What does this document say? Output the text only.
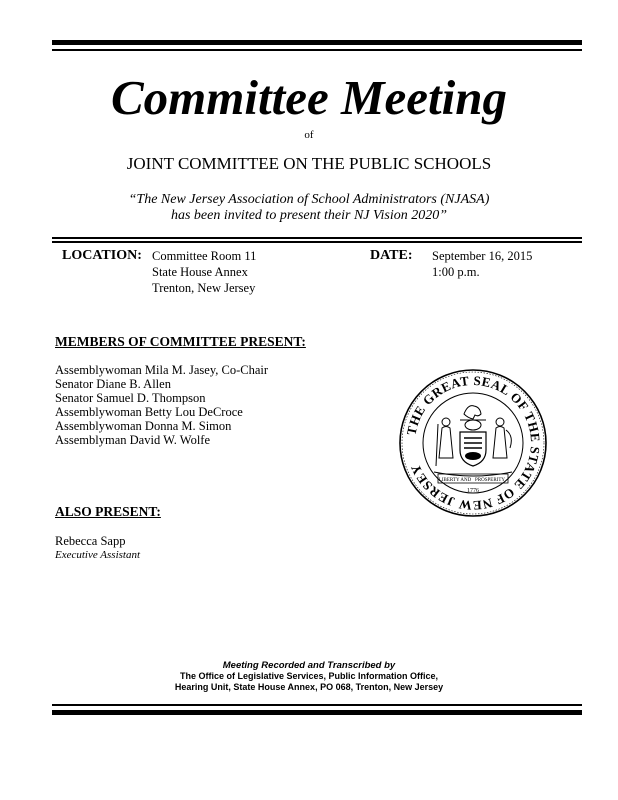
Committee Meeting
of
JOINT COMMITTEE ON THE PUBLIC SCHOOLS
“The New Jersey Association of School Administrators (NJASA)
has been invited to present their NJ Vision 2020”
LOCATION: Committee Room 11
State House Annex
Trenton, New Jersey
DATE: September 16, 2015
1:00 p.m.
MEMBERS OF COMMITTEE PRESENT:
Assemblywoman Mila M. Jasey, Co-Chair
Senator Diane B. Allen
Senator Samuel D. Thompson
Assemblywoman Betty Lou DeCroce
Assemblywoman Donna M. Simon
Assemblyman David W. Wolfe
THE GREAT SEAL OF THE STATE OF NEW JERSEY
LIBERTY AND PROSPERITY
1776
ALSO PRESENT:
Rebecca Sapp
Executive Assistant
Meeting Recorded and Transcribed by
The Office of Legislative Services, Public Information Office,
Hearing Unit, State House Annex, PO 068, Trenton, New Jersey
